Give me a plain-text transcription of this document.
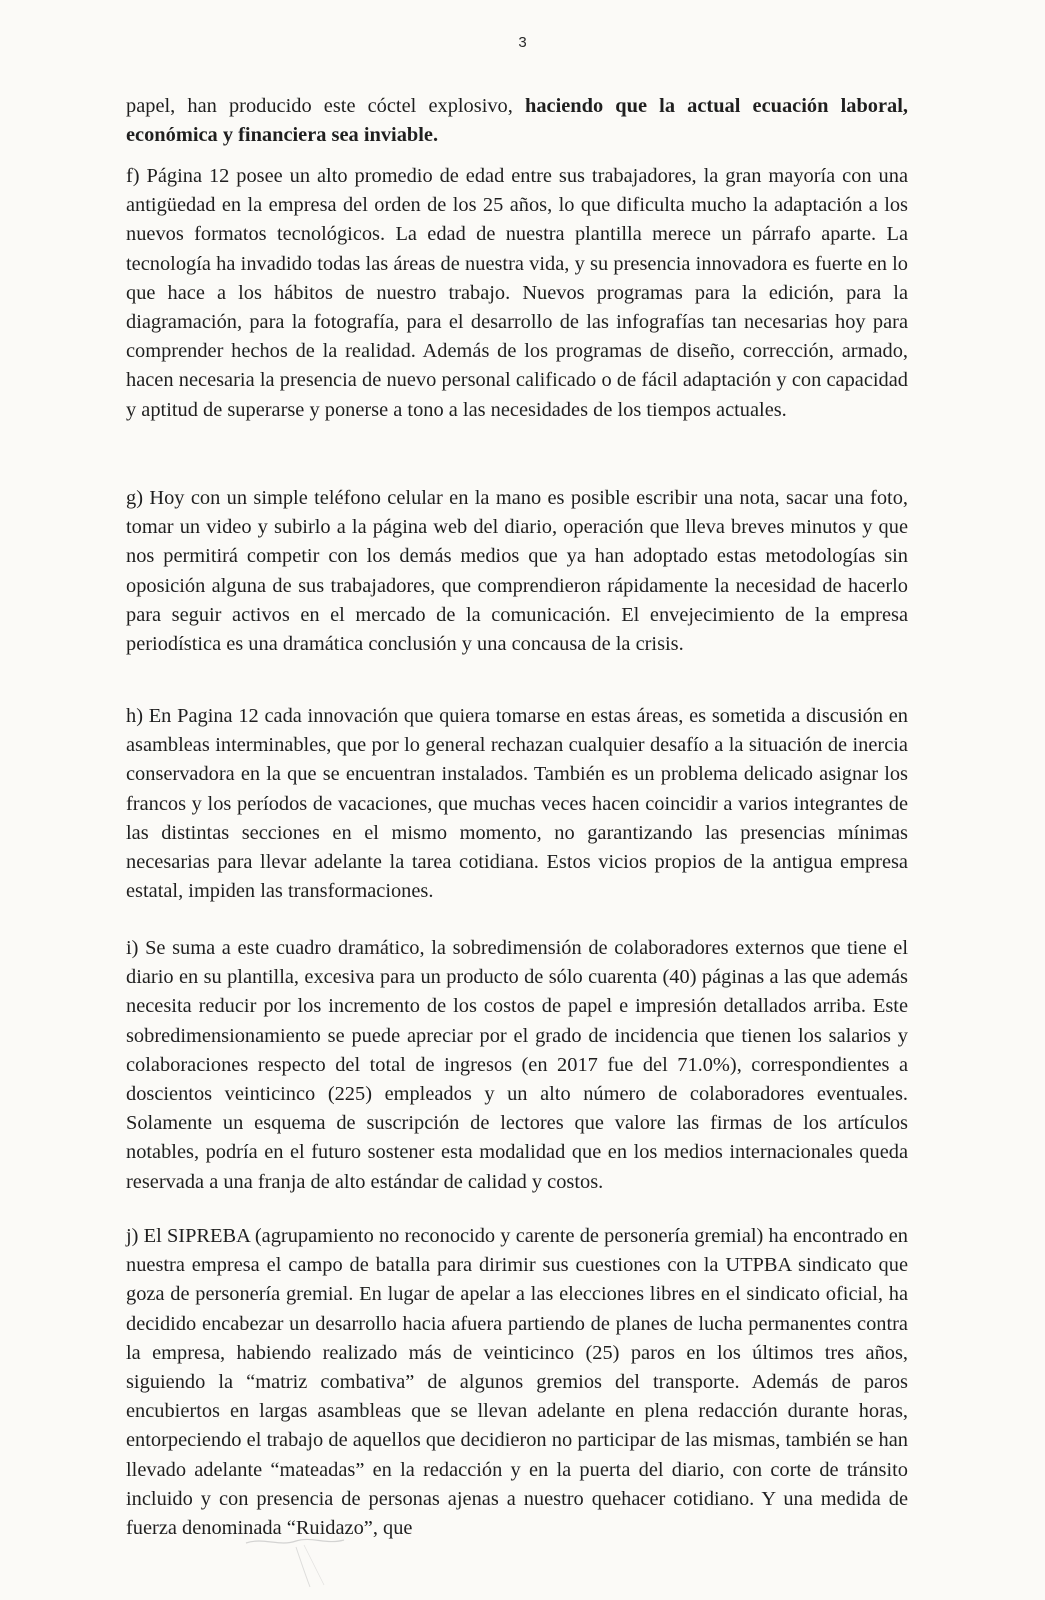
3

papel, han producido este cóctel explosivo, haciendo que la actual ecuación laboral, económica y financiera sea inviable.

f) Página 12 posee un alto promedio de edad entre sus trabajadores, la gran mayoría con una antigüedad en la empresa del orden de los 25 años, lo que dificulta mucho la adaptación a los nuevos formatos tecnológicos. La edad de nuestra plantilla merece un párrafo aparte. La tecnología ha invadido todas las áreas de nuestra vida, y su presencia innovadora es fuerte en lo que hace a los hábitos de nuestro trabajo. Nuevos programas para la edición, para la diagramación, para la fotografía, para el desarrollo de las infografías tan necesarias hoy para comprender hechos de la realidad. Además de los programas de diseño, corrección, armado, hacen necesaria la presencia de nuevo personal calificado o de fácil adaptación y con capacidad y aptitud de superarse y ponerse a tono a las necesidades de los tiempos actuales.

g) Hoy con un simple teléfono celular en la mano es posible escribir una nota, sacar una foto, tomar un video y subirlo a la página web del diario, operación que lleva breves minutos y que nos permitirá competir con los demás medios que ya han adoptado estas metodologías sin oposición alguna de sus trabajadores, que comprendieron rápidamente la necesidad de hacerlo para seguir activos en el mercado de la comunicación. El envejecimiento de la empresa periodística es una dramática conclusión y una concausa de la crisis.

h) En Pagina 12 cada innovación que quiera tomarse en estas áreas, es sometida a discusión en asambleas interminables, que por lo general rechazan cualquier desafío a la situación de inercia conservadora en la que se encuentran instalados. También es un problema delicado asignar los francos y los períodos de vacaciones, que muchas veces hacen coincidir a varios integrantes de las distintas secciones en el mismo momento, no garantizando las presencias mínimas necesarias para llevar adelante la tarea cotidiana. Estos vicios propios de la antigua empresa estatal, impiden las transformaciones.

i) Se suma a este cuadro dramático, la sobredimensión de colaboradores externos que tiene el diario en su plantilla, excesiva para un producto de sólo cuarenta (40) páginas a las que además necesita reducir por los incremento de los costos de papel e impresión detallados arriba. Este sobredimensionamiento se puede apreciar por el grado de incidencia que tienen los salarios y colaboraciones respecto del total de ingresos (en 2017 fue del 71.0%), correspondientes a doscientos veinticinco (225) empleados y un alto número de colaboradores eventuales. Solamente un esquema de suscripción de lectores que valore las firmas de los artículos notables, podría en el futuro sostener esta modalidad que en los medios internacionales queda reservada a una franja de alto estándar de calidad y costos.

j) El SIPREBA (agrupamiento no reconocido y carente de personería gremial) ha encontrado en nuestra empresa el campo de batalla para dirimir sus cuestiones con la UTPBA sindicato que goza de personería gremial. En lugar de apelar a las elecciones libres en el sindicato oficial, ha decidido encabezar un desarrollo hacia afuera partiendo de planes de lucha permanentes contra la empresa, habiendo realizado más de veinticinco (25) paros en los últimos tres años, siguiendo la “matriz combativa” de algunos gremios del transporte. Además de paros encubiertos en largas asambleas que se llevan adelante en plena redacción durante horas, entorpeciendo el trabajo de aquellos que decidieron no participar de las mismas, también se han llevado adelante “mateadas” en la redacción y en la puerta del diario, con corte de tránsito incluido y con presencia de personas ajenas a nuestro quehacer cotidiano. Y una medida de fuerza denominada “Ruidazo”, que
